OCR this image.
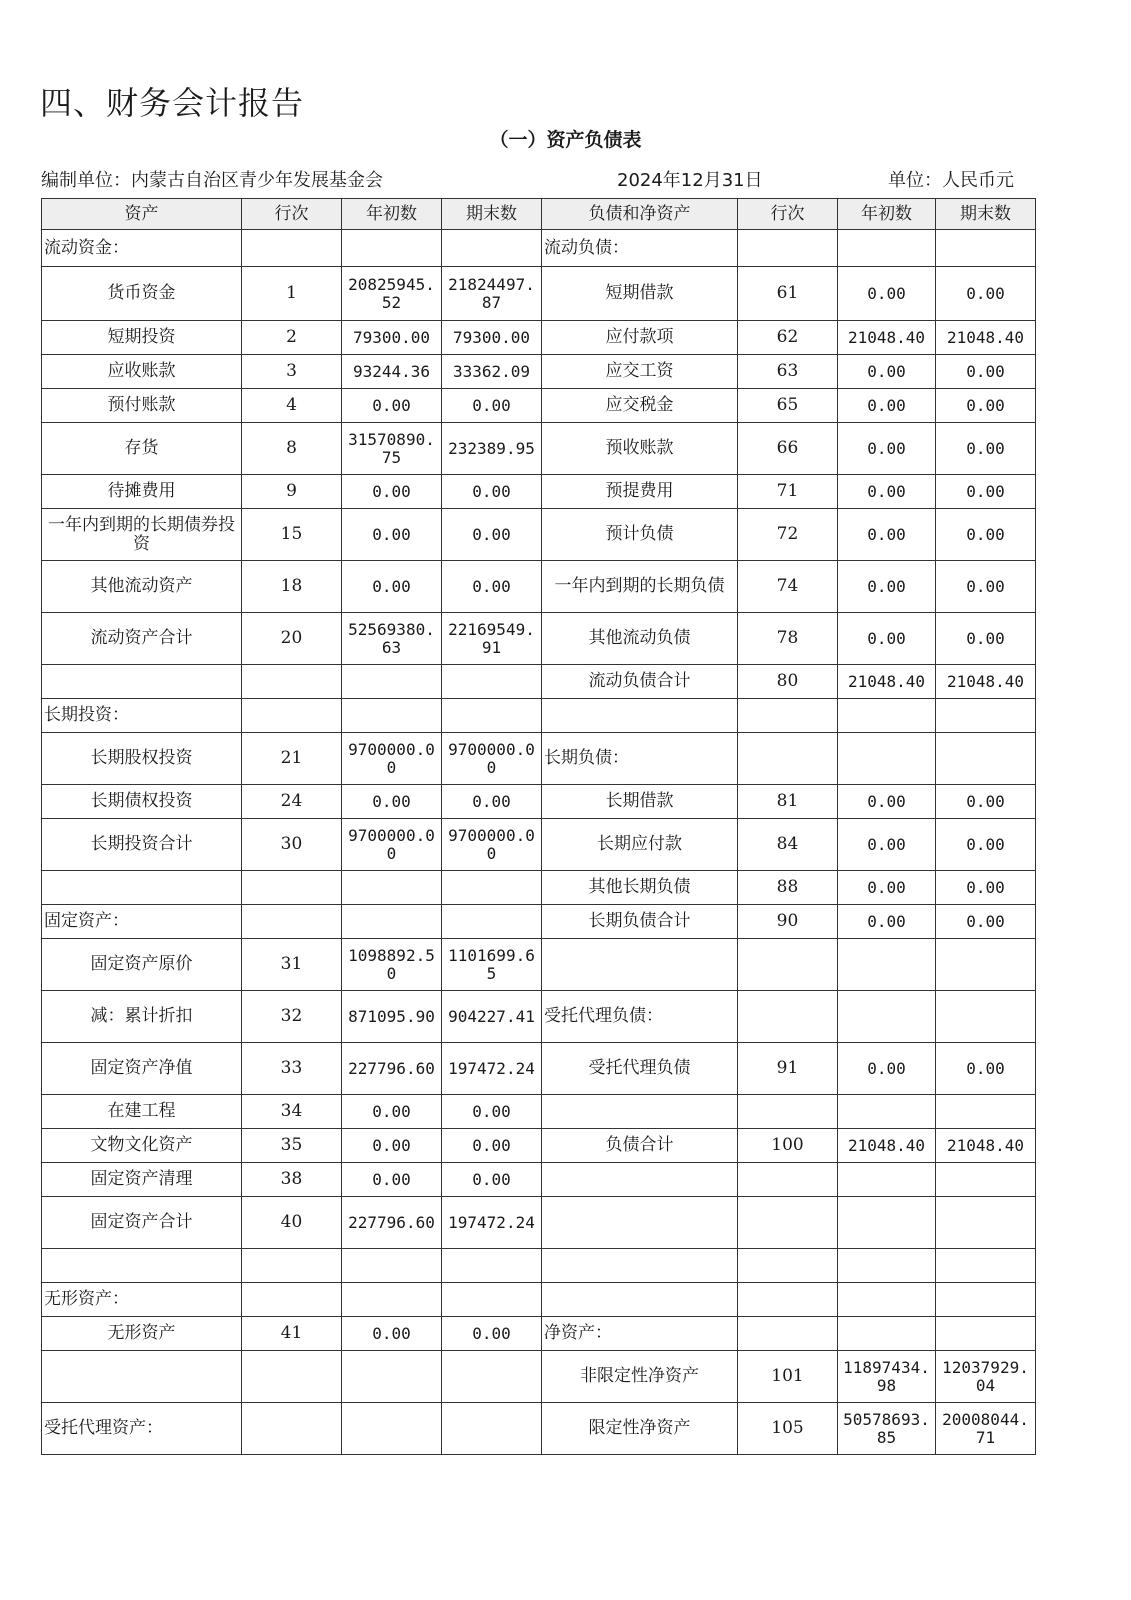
四、财务会计报告
（一）资产负债表
编制单位：内蒙古自治区青少年发展基金会	2024年12月31日	单位：人民币元
资产	行次	年初数	期末数	负债和净资产	行次	年初数	期末数
流动资金：				流动负债：			
货币资金	1	20825945.52	21824497.87	短期借款	61	0.00	0.00
短期投资	2	79300.00	79300.00	应付款项	62	21048.40	21048.40
应收账款	3	93244.36	33362.09	应交工资	63	0.00	0.00
预付账款	4	0.00	0.00	应交税金	65	0.00	0.00
存货	8	31570890.75	232389.95	预收账款	66	0.00	0.00
待摊费用	9	0.00	0.00	预提费用	71	0.00	0.00
一年内到期的长期债券投资	15	0.00	0.00	预计负债	72	0.00	0.00
其他流动资产	18	0.00	0.00	一年内到期的长期负债	74	0.00	0.00
流动资产合计	20	52569380.63	22169549.91	其他流动负债	78	0.00	0.00
				流动负债合计	80	21048.40	21048.40
长期投资：							
长期股权投资	21	9700000.00	9700000.00	长期负债：			
长期债权投资	24	0.00	0.00	长期借款	81	0.00	0.00
长期投资合计	30	9700000.00	9700000.00	长期应付款	84	0.00	0.00
				其他长期负债	88	0.00	0.00
固定资产：				长期负债合计	90	0.00	0.00
固定资产原价	31	1098892.50	1101699.65				
减：累计折扣	32	871095.90	904227.41	受托代理负债：			
固定资产净值	33	227796.60	197472.24	受托代理负债	91	0.00	0.00
在建工程	34	0.00	0.00				
文物文化资产	35	0.00	0.00	负债合计	100	21048.40	21048.40
固定资产清理	38	0.00	0.00				
固定资产合计	40	227796.60	197472.24				

无形资产：							
无形资产	41	0.00	0.00	净资产：			
				非限定性净资产	101	11897434.98	12037929.04
受托代理资产：				限定性净资产	105	50578693.85	20008044.71
